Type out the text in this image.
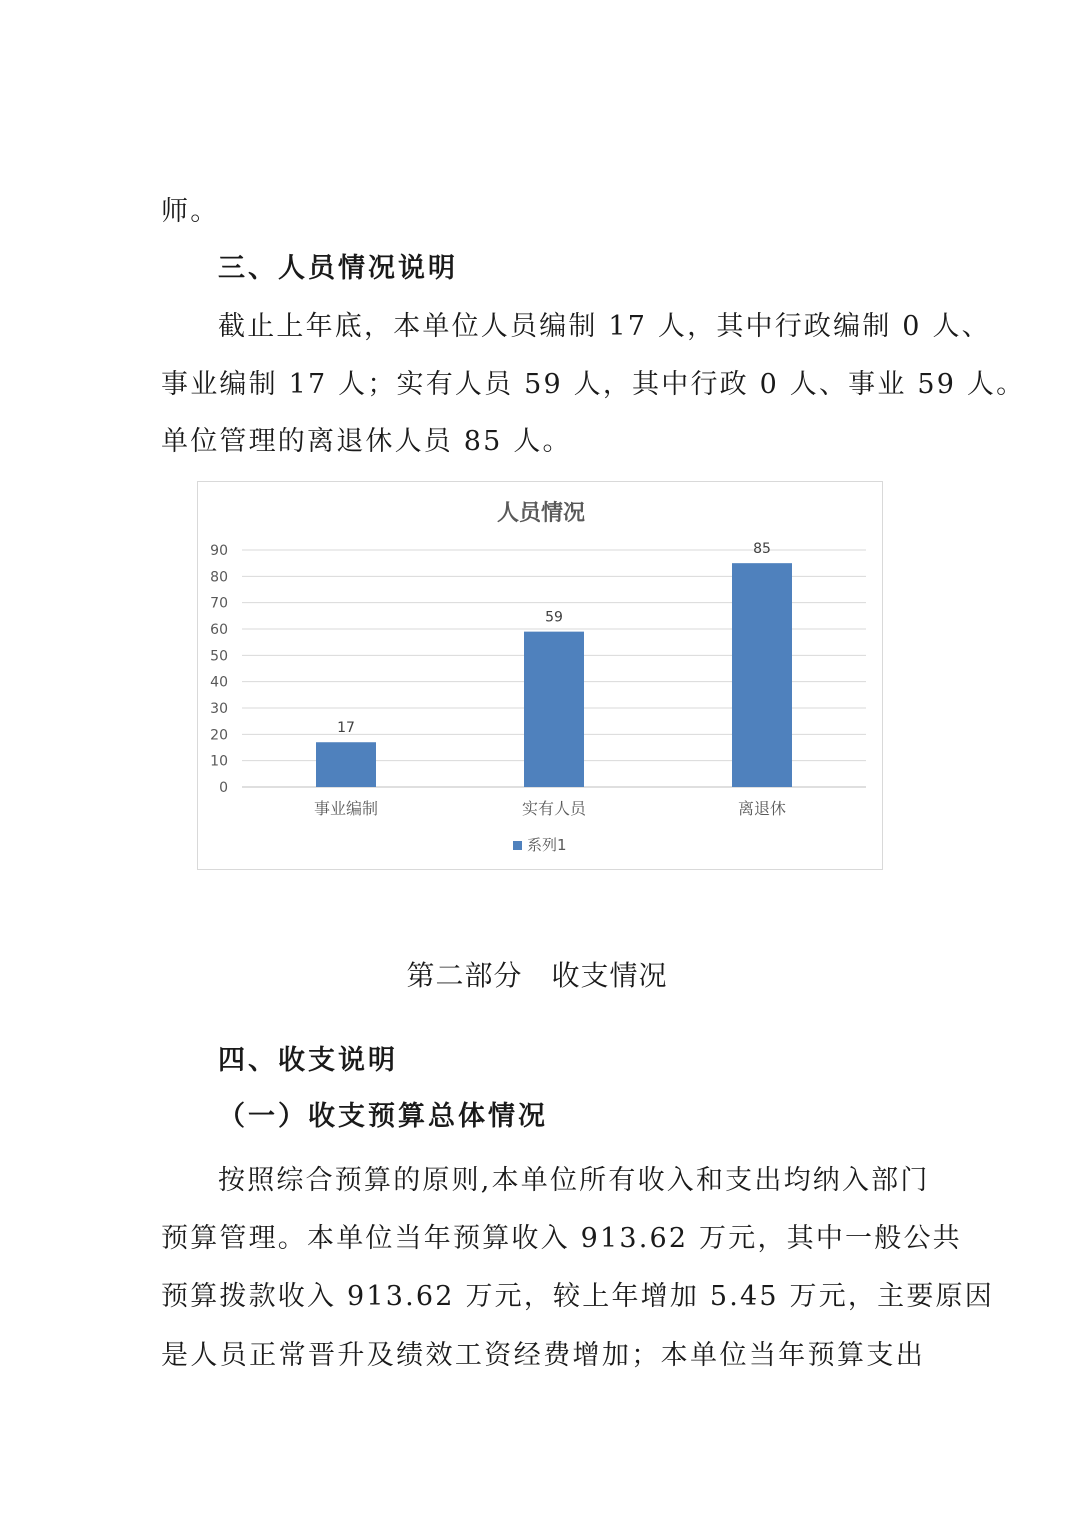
师。
三、人员情况说明
截止上年底，本单位人员编制 17 人，其中行政编制 0 人、
事业编制 17 人；实有人员 59 人，其中行政 0 人、事业 59 人。
单位管理的离退休人员 85 人。
人员情况
0
10
20
30
40
50
60
70
80
90
17
事业编制
59
实有人员
85
离退休
系列1
第二部分　收支情况
四、收支说明
（一）收支预算总体情况
按照综合预算的原则,本单位所有收入和支出均纳入部门
预算管理。本单位当年预算收入 913.62 万元，其中一般公共
预算拨款收入 913.62 万元，较上年增加 5.45 万元，主要原因
是人员正常晋升及绩效工资经费增加；本单位当年预算支出
